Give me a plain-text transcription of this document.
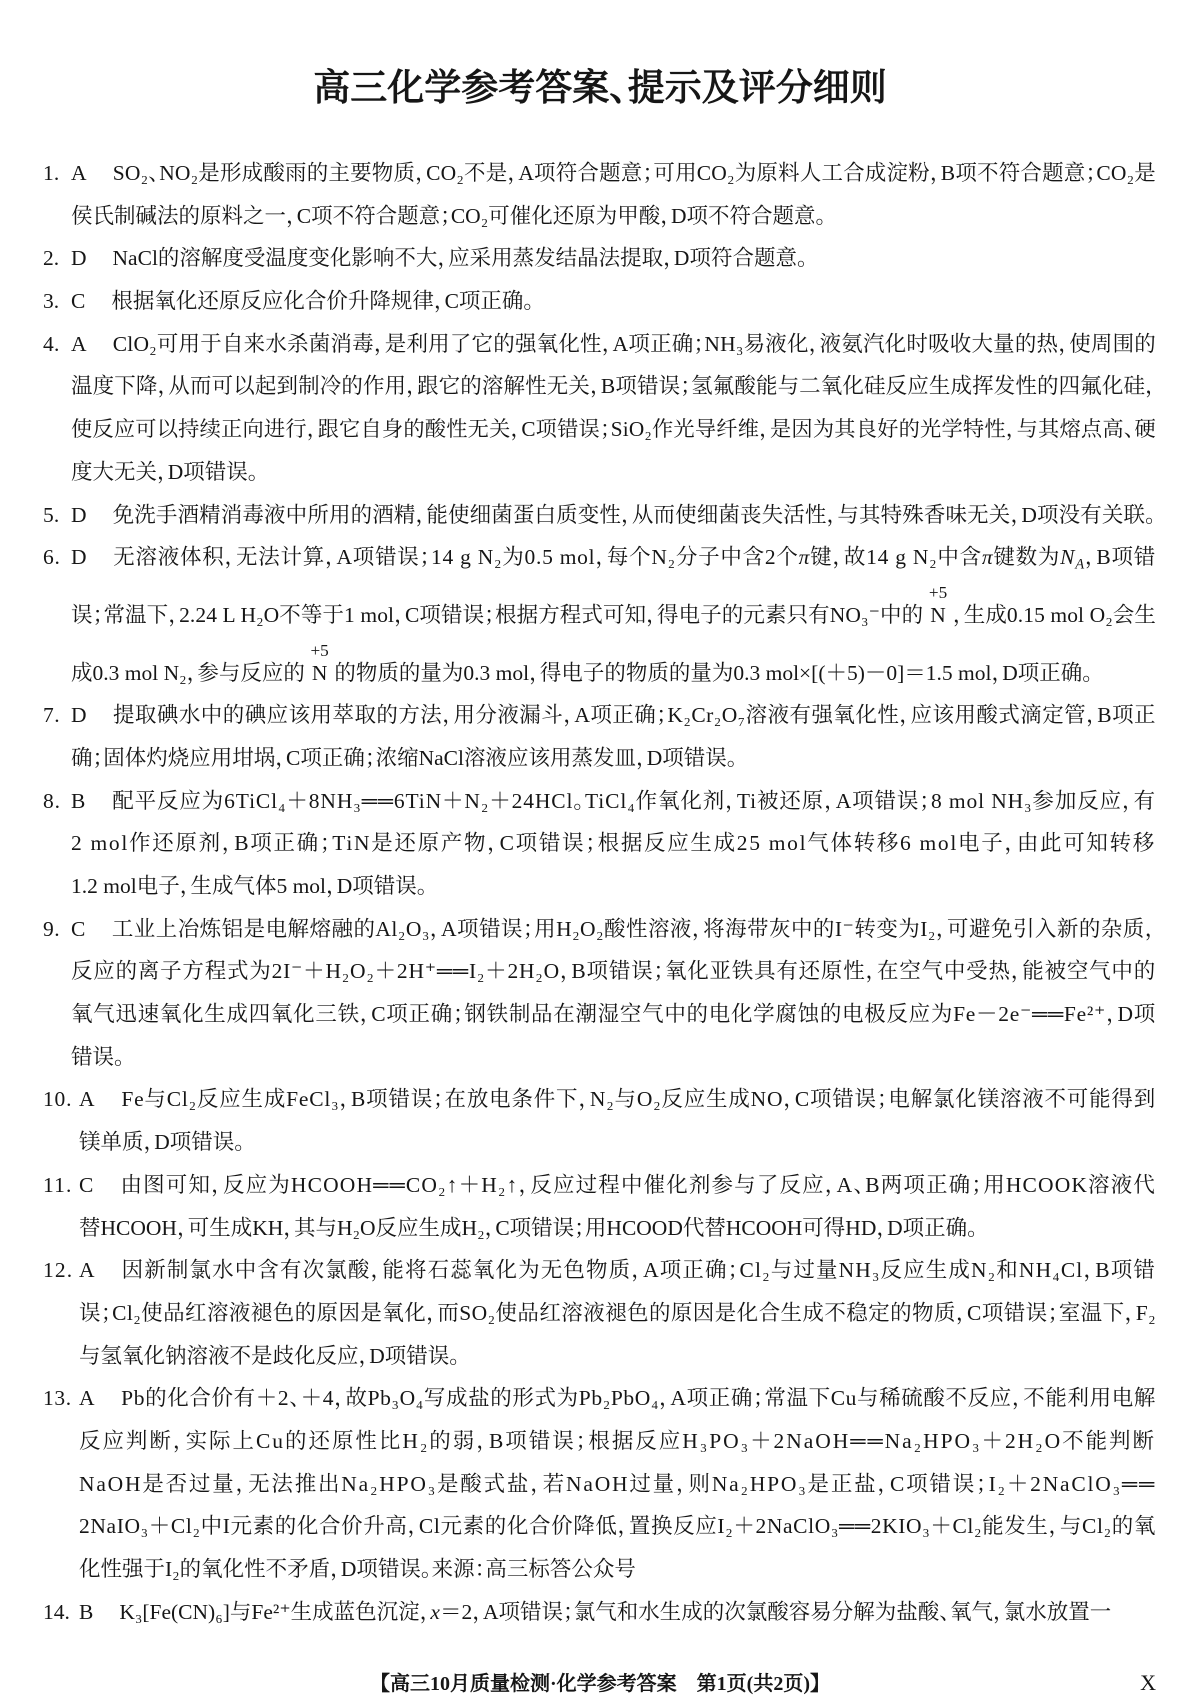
高三化学参考答案、提示及评分细则
1. A SO₂、NO₂是形成酸雨的主要物质，CO₂不是，A项符合题意；可用CO₂为原料人工合成淀粉，B项不符合题意；CO₂是
侯氏制碱法的原料之一，C项不符合题意；CO₂可催化还原为甲酸，D项不符合题意。
2. D NaCl的溶解度受温度变化影响不大，应采用蒸发结晶法提取，D项符合题意。
3. C 根据氧化还原反应化合价升降规律，C项正确。
4. A ClO₂可用于自来水杀菌消毒，是利用了它的强氧化性，A项正确；NH₃易液化，液氨汽化时吸收大量的热，使周围的
温度下降，从而可以起到制冷的作用，跟它的溶解性无关，B项错误；氢氟酸能与二氧化硅反应生成挥发性的四氟化硅，
使反应可以持续正向进行，跟它自身的酸性无关，C项错误；SiO₂作光导纤维，是因为其良好的光学特性，与其熔点高、硬
度大无关，D项错误。
5. D 免洗手酒精消毒液中所用的酒精，能使细菌蛋白质变性，从而使细菌丧失活性，与其特殊香味无关，D项没有关联。
6. D 无溶液体积，无法计算，A项错误；14 g N₂为0.5 mol，每个N₂分子中含2个π键，故14 g N₂中含π键数为$N_A$，B项错
误；常温下，2.24 L H₂O不等于1 mol，C项错误；根据方程式可知，得电子的元素只有NO₃⁻中的
+5
N ，生成0.15 mol O₂会生
成0.3 mol N₂，参与反应的
+5
N 的物质的量为0.3 mol，得电子的物质的量为0.3 mol×[(＋5)－0]＝1.5 mol，D项正确。
7. D 提取碘水中的碘应该用萃取的方法，用分液漏斗，A项正确；K₂Cr₂O₇溶液有强氧化性，应该用酸式滴定管，B项正
确；固体灼烧应用坩埚，C项正确；浓缩NaCl溶液应该用蒸发皿，D项错误。
8. B 配平反应为6TiCl₄＋8NH₃══6TiN＋N₂＋24HCl。TiCl₄作氧化剂，Ti被还原，A项错误；8 mol NH₃参加反应，有
2 mol作还原剂，B项正确；TiN是还原产物，C项错误；根据反应生成25 mol气体转移6 mol电子，由此可知转移
1.2 mol电子，生成气体5 mol，D项错误。
9. C 工业上冶炼铝是电解熔融的Al₂O₃，A项错误；用H₂O₂酸性溶液，将海带灰中的I⁻转变为I₂，可避免引入新的杂质，
反应的离子方程式为2I⁻＋H₂O₂＋2H⁺══I₂＋2H₂O，B项错误；氧化亚铁具有还原性，在空气中受热，能被空气中的
氧气迅速氧化生成四氧化三铁，C项正确；钢铁制品在潮湿空气中的电化学腐蚀的电极反应为Fe－2e⁻══Fe²⁺，D项
错误。
10. A Fe与Cl₂反应生成FeCl₃，B项错误；在放电条件下，N₂与O₂反应生成NO，C项错误；电解氯化镁溶液不可能得到
镁单质，D项错误。
11. C 由图可知，反应为HCOOH══CO₂↑＋H₂↑，反应过程中催化剂参与了反应，A、B两项正确；用HCOOK溶液代
替HCOOH，可生成KH，其与H₂O反应生成H₂，C项错误；用HCOOD代替HCOOH可得HD，D项正确。
12. A 因新制氯水中含有次氯酸，能将石蕊氧化为无色物质，A项正确；Cl₂与过量NH₃反应生成N₂和NH₄Cl，B项错
误；Cl₂使品红溶液褪色的原因是氧化，而SO₂使品红溶液褪色的原因是化合生成不稳定的物质，C项错误；室温下，F₂
与氢氧化钠溶液不是歧化反应，D项错误。
13. A Pb的化合价有＋2、＋4，故Pb₃O₄写成盐的形式为Pb₂PbO₄，A项正确；常温下Cu与稀硫酸不反应，不能利用电解
反应判断，实际上Cu的还原性比H₂的弱，B项错误；根据反应H₃PO₃＋2NaOH══Na₂HPO₃＋2H₂O不能判断
NaOH是否过量，无法推出Na₂HPO₃是酸式盐，若NaOH过量，则Na₂HPO₃是正盐，C项错误；I₂＋2NaClO₃══
2NaIO₃＋Cl₂中I元素的化合价升高，Cl元素的化合价降低，置换反应I₂＋2NaClO₃══2KIO₃＋Cl₂能发生，与Cl₂的氧
化性强于I₂的氧化性不矛盾，D项错误。来源：高三标答公众号
14. B K₃[Fe(CN)₆]与Fe²⁺生成蓝色沉淀，x＝2，A项错误；氯气和水生成的次氯酸容易分解为盐酸、氧气，氯水放置一
【高三10月质量检测·化学参考答案　第1页(共2页)】	X
